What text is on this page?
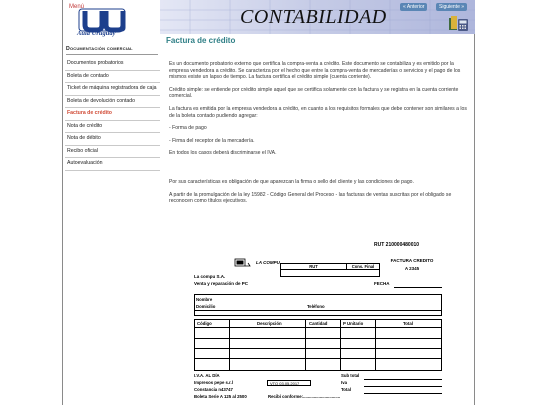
Menú
Aula Uruguay
Documentación comercial
Documentos probatorios
Boleta de contado
Ticket de máquina registradora de caja
Boleta de devolución contado
Factura de crédito
Nota de crédito
Nota de débito
Recibo oficial
Autoevaluación
CONTABILIDAD	« Anterior	Siguiente »
Factura de crédito

Es un documento probatorio externo que certifica la compra-venta a crédito. Este documento se contabiliza y es emitido por la empresa vendedora a crédito. Se caracteriza por el hecho que entre la compra-venta de mercaderías o servicios y el pago de los mismos existe un lapso de tiempo. La factura certifica el crédito simple (cuenta corriente).

Crédito simple: se entiende por crédito simple aquel que se certifica solamente con la factura y se registra en la cuenta corriente comercial.

La factura es emitida por la empresa vendedora a crédito, en cuanto a los requisitos formales que debe contener son similares a los de la boleta contado pudiendo agregar:

- Forma de pago

- Firma del receptor de la mercadería.

En todos los casos deberá discriminarse el IVA.

Por sus características es obligación de que aparezcan la firma o sello del cliente y las condiciones de pago.

A partir de la promulgación de la ley 15982 - Código General del Proceso - las facturas de ventas suscritas por el obligado se reconocen como títulos ejecutivos.

RUT 210000480010
LA COMPU
RUT	Cons. Final
FACTURA CREDITO
A 2345
La compu S.A.
Venta y reparación de PC	FECHA
Nombre
Domicilio	Teléfono
Código	Descripción	Cantidad	P Unitario	Total
I.V.A. AL DÍA
Impresos pepe s.r.l
Constancia n43747
Boleta Serie A 125 al 2500	Recibí conforme:...............................
Sub total
Iva
Total
VTO 03.05.2017
